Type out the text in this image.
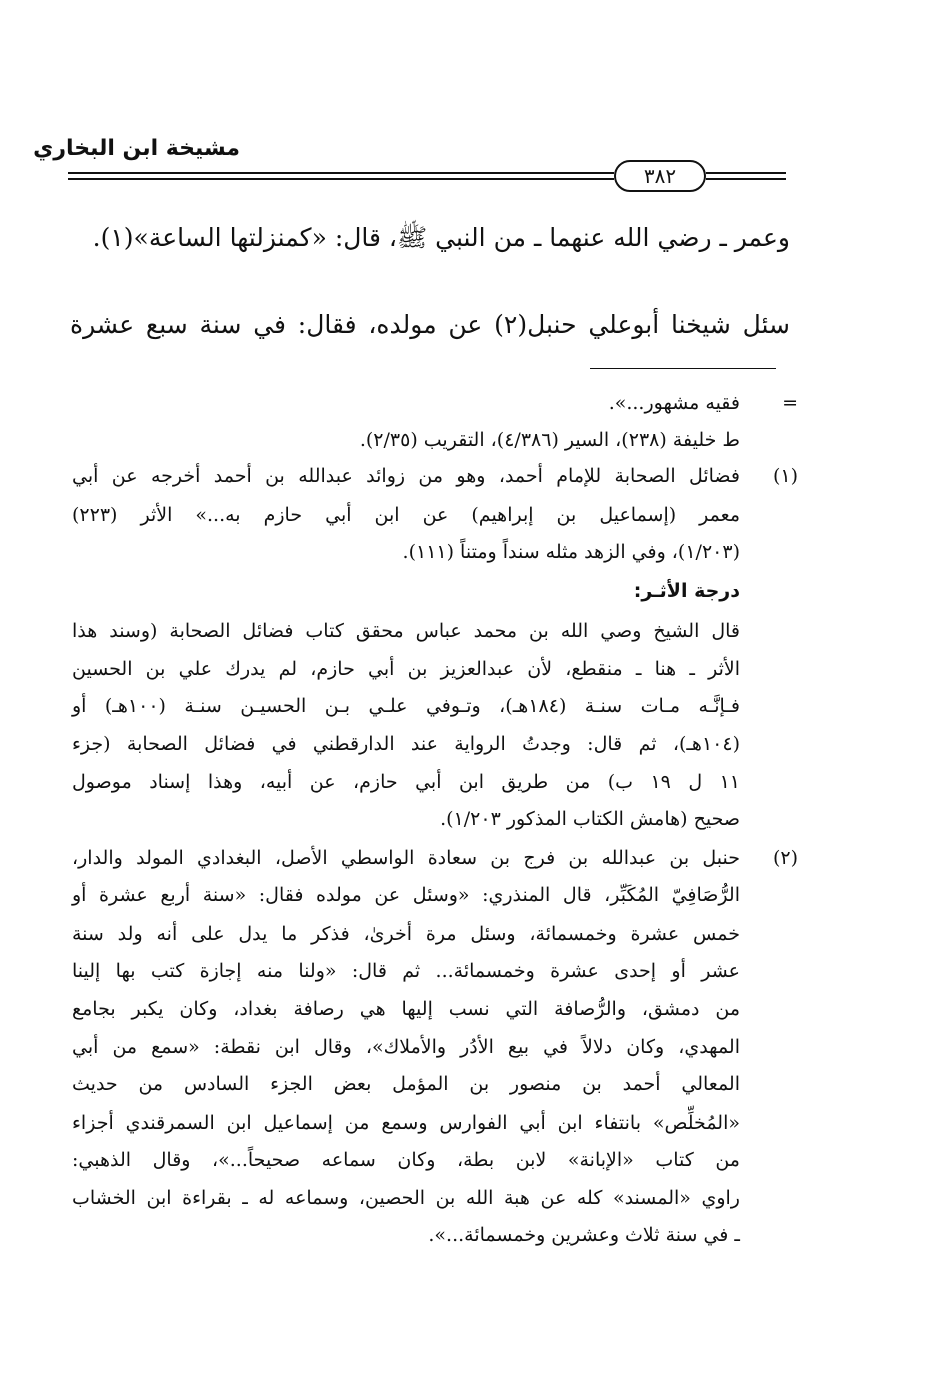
مشيخة ابن البخاري
٣٨٢
وعمر ـ رضي الله عنهما ـ من النبي ﷺ، قال: «كمنزلتها الساعة»(١).
سئل شيخنا أبوعلي حنبل(٢) عن مولده، فقال: في سنة سبع عشرة
=
فقيه مشهور...».
ط خليفة (٢٣٨)، السير (٤/٣٨٦)، التقريب (٢/٣٥).
(١)
فضائل الصحابة للإمام أحمد، وهو من زوائد عبدالله بن أحمد أخرجه عن أبي
معمر (إسماعيل بن إبراهيم) عن ابن أبي حازم به...» الأثر (٢٢٣)
(١/٢٠٣)، وفي الزهد مثله سنداً ومتناً (١١١).
درجة الأثـر:
قال الشيخ وصي الله بن محمد عباس محقق كتاب فضائل الصحابة (وسند هذا
الأثر ـ هنا ـ منقطع، لأن عبدالعزيز بن أبي حازم، لم يدرك علي بن الحسين
فـإنَّـه مـات سنـة (١٨٤هـ)، وتـوفي علـي بـن الحسيـن سنـة (١٠٠هـ) أو
(١٠٤هـ)، ثم قال: وجدتُ الرواية عند الدارقطني في فضائل الصحابة (جزء
١١ ل ١٩ ب) من طريق ابن أبي حازم، عن أبيه، وهذا إسناد موصول
صحيح (هامش الكتاب المذكور ١/٢٠٣).
(٢)
حنبل بن عبدالله بن فرج بن سعادة الواسطي الأصل، البغدادي المولد والدار،
الرُّصَافِيّ المُكَبِّر، قال المنذري: «وسئل عن مولده فقال: «سنة أربع عشرة أو
خمس عشرة وخمسمائة، وسئل مرة أخرىٰ، فذكر ما يدل على أنه ولد سنة
عشر أو إحدى عشرة وخمسمائة... ثم قال: «ولنا منه إجازة كتب بها إلينا
من دمشق، والرُّصافة التي نسب إليها هي رصافة بغداد، وكان يكبر بجامع
المهدي، وكان دلالاً في بيع الأدُر والأملاك»، وقال ابن نقطة: «سمع من أبي
المعالي أحمد بن منصور بن المؤمل بعض الجزء السادس من حديث
«المُخلِّص» بانتفاء ابن أبي الفوارس وسمع من إسماعيل ابن السمرقندي أجزاء
من كتاب «الإبانة» لابن بطة، وكان سماعه صحيحاً...»، وقال الذهبي:
راوي «المسند» كله عن هبة الله بن الحصين، وسماعه له ـ بقراءة ابن الخشاب
ـ في سنة ثلاث وعشرين وخمسمائة...».
